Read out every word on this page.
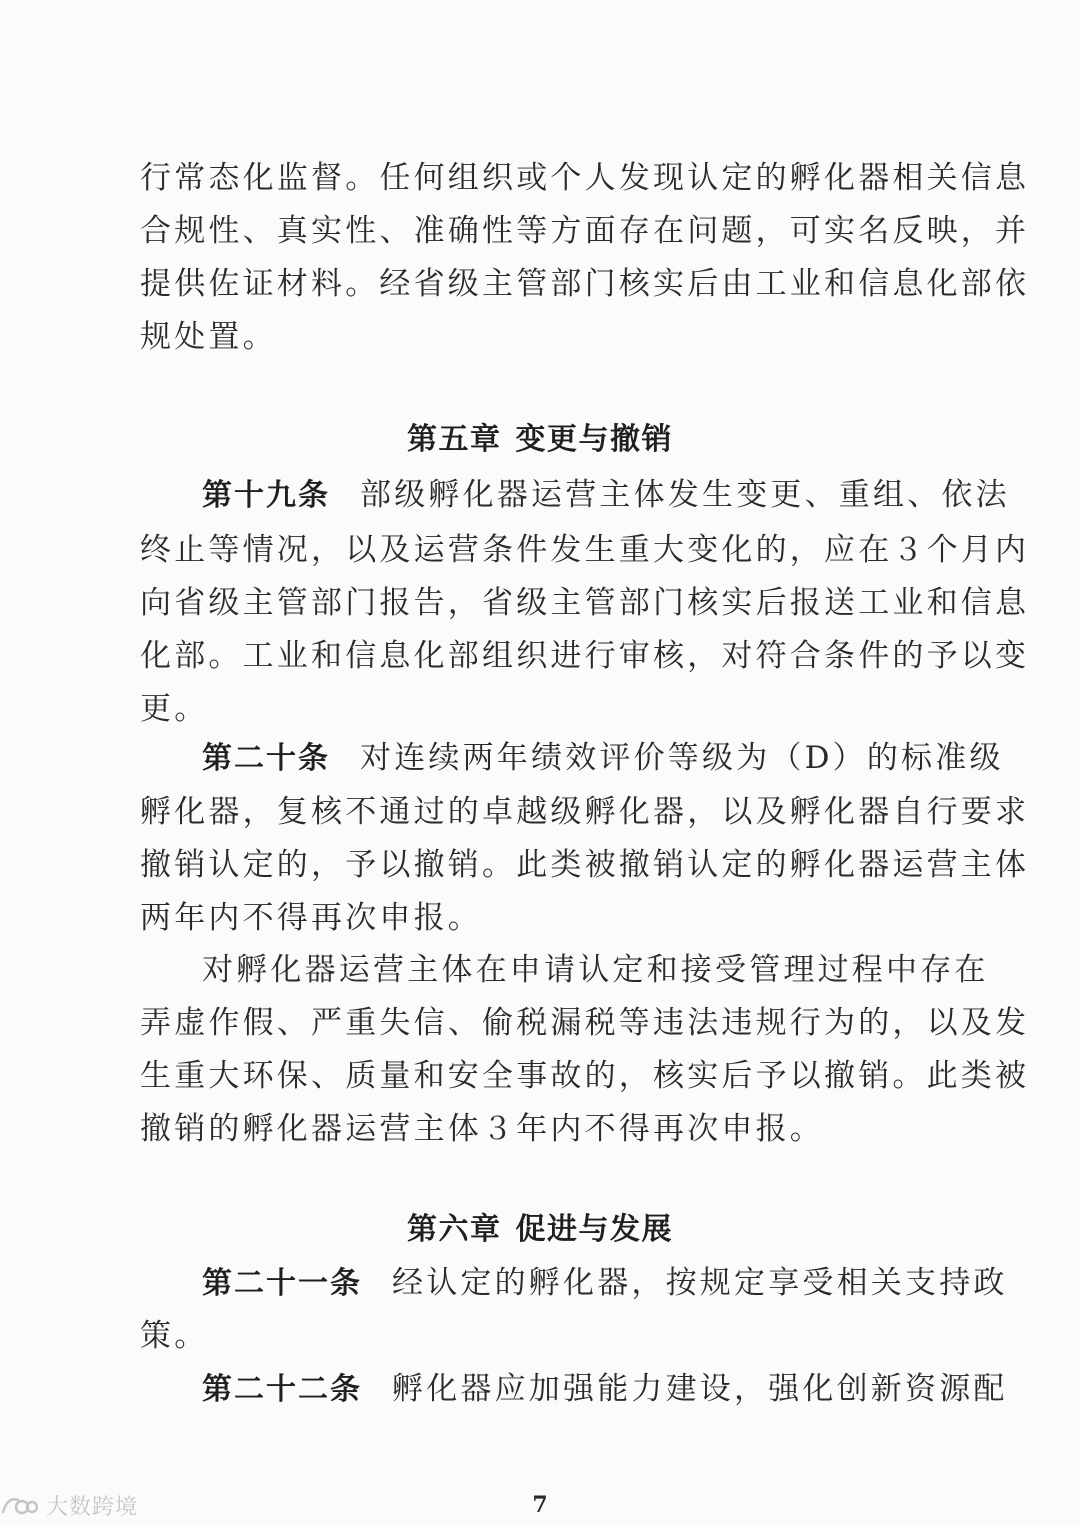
行常态化监督。任何组织或个人发现认定的孵化器相关信息
合规性、真实性、准确性等方面存在问题，可实名反映，并
提供佐证材料。经省级主管部门核实后由工业和信息化部依
规处置。
第五章 变更与撤销
第十九条 部级孵化器运营主体发生变更、重组、依法
终止等情况，以及运营条件发生重大变化的，应在３个月内
向省级主管部门报告，省级主管部门核实后报送工业和信息
化部。工业和信息化部组织进行审核，对符合条件的予以变
更。
第二十条 对连续两年绩效评价等级为（D）的标准级
孵化器，复核不通过的卓越级孵化器，以及孵化器自行要求
撤销认定的，予以撤销。此类被撤销认定的孵化器运营主体
两年内不得再次申报。
对孵化器运营主体在申请认定和接受管理过程中存在
弄虚作假、严重失信、偷税漏税等违法违规行为的，以及发
生重大环保、质量和安全事故的，核实后予以撤销。此类被
撤销的孵化器运营主体３年内不得再次申报。
第六章 促进与发展
第二十一条 经认定的孵化器，按规定享受相关支持政
策。
第二十二条 孵化器应加强能力建设，强化创新资源配
7
大数跨境
